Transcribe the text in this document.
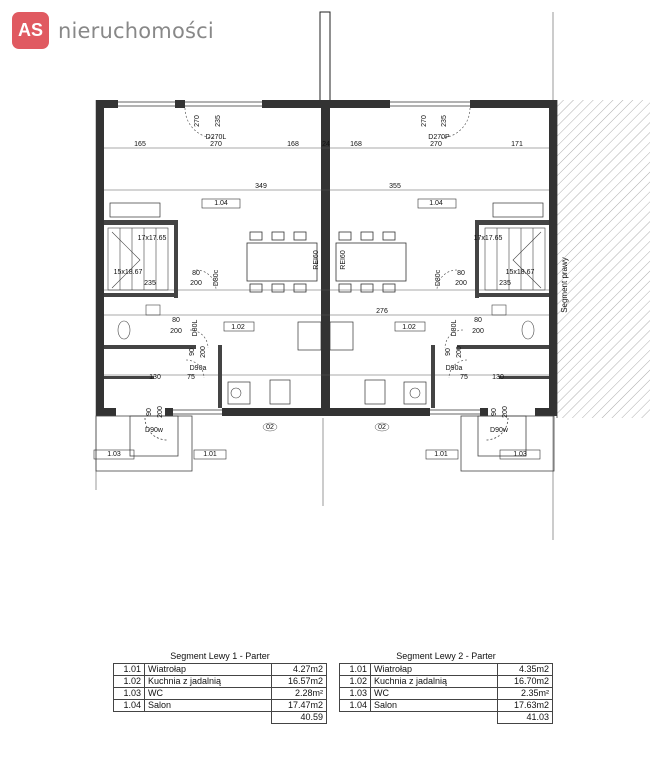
AS nieruchomości
Segment prawy
270 235	270 235
D270L	D270P
165	270	168	24	168	270	171
349	355
1.04	1.04
1.02	1.02
1.03	1.03
1.01	1.01
17x17.65
15x18.67
17x17.65
15x18.67
80
200
235
80
200	235
D80c	D80c
80
200
80
200
D80L	D80L
276
90 200	90 200
D90a	D90a
130	75	130
75
90 200	90 200
D90w	D90w
02	02
REI60	REI60
Segment Lewy 1 - Parter
1.01	Wiatrołap	4.27m2
1.02	Kuchnia z jadalnią	16.57m2
1.03	WC	2.28m²
1.04	Salon	17.47m2
		40.59
Segment Lewy 2 - Parter
1.01	Wiatrołap	4.35m2
1.02	Kuchnia z jadalnią	16.70m2
1.03	WC	2.35m²
1.04	Salon	17.63m2
		41.03
